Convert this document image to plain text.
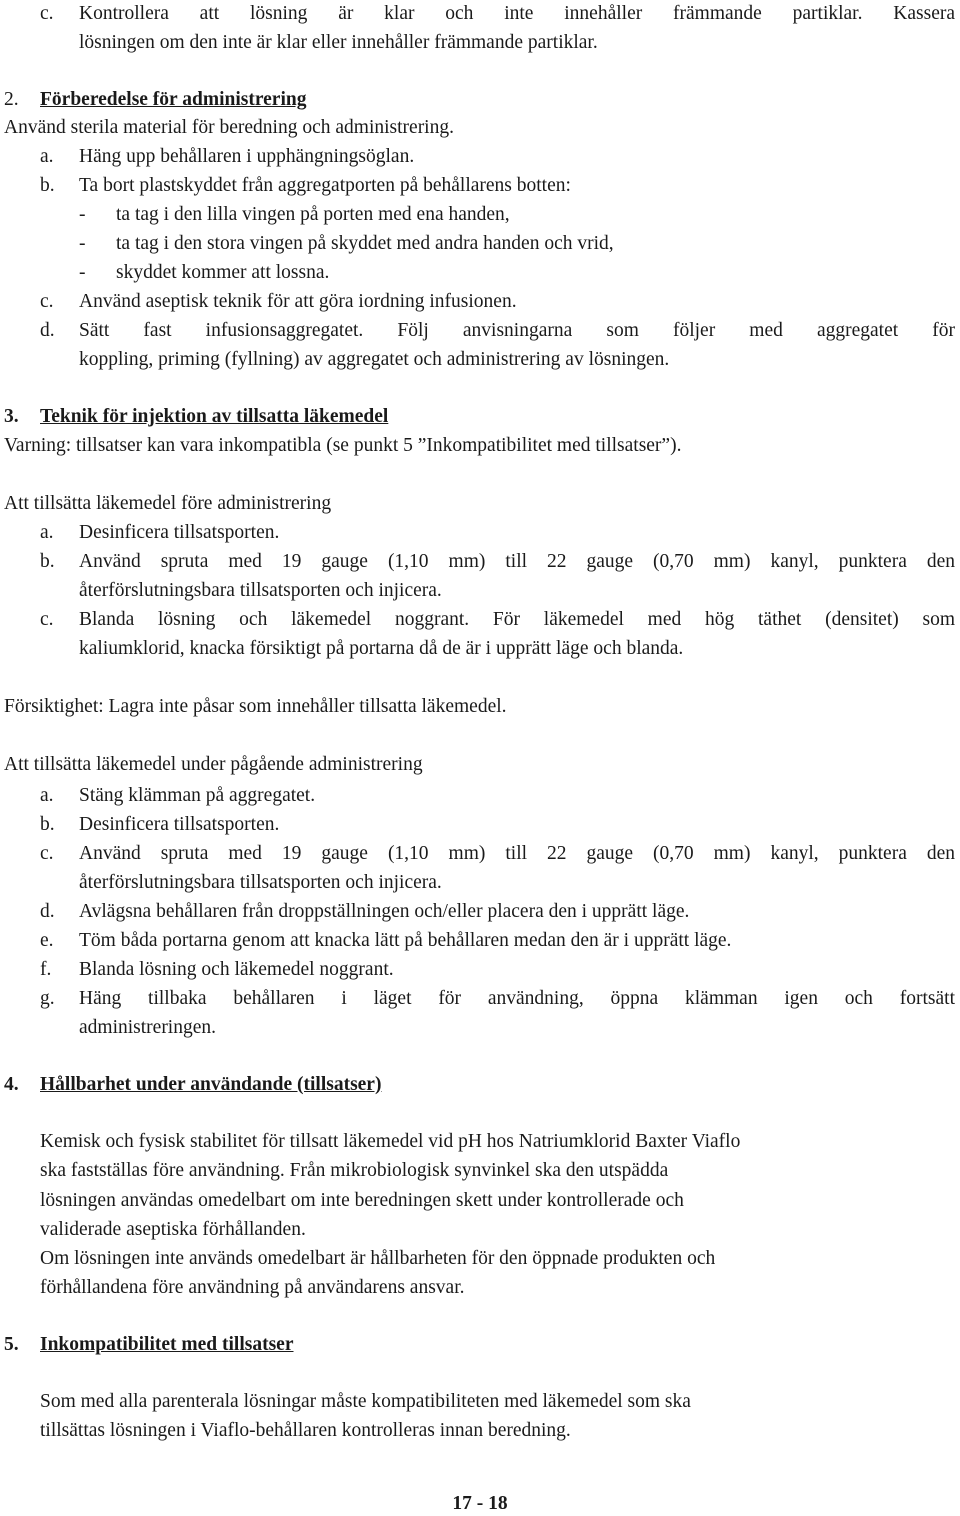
c. Kontrollera att lösning är klar och inte innehåller främmande partiklar. Kassera
lösningen om den inte är klar eller innehåller främmande partiklar.
2. Förberedelse för administrering
Använd sterila material för beredning och administrering.
a. Häng upp behållaren i upphängningsöglan.
b. Ta bort plastskyddet från aggregatporten på behållarens botten:
- ta tag i den lilla vingen på porten med ena handen,
- ta tag i den stora vingen på skyddet med andra handen och vrid,
- skyddet kommer att lossna.
c. Använd aseptisk teknik för att göra iordning infusionen.
d. Sätt fast infusionsaggregatet. Följ anvisningarna som följer med aggregatet för
koppling, priming (fyllning) av aggregatet och administrering av lösningen.
3. Teknik för injektion av tillsatta läkemedel
Varning: tillsatser kan vara inkompatibla (se punkt 5 ”Inkompatibilitet med tillsatser”).
Att tillsätta läkemedel före administrering
a. Desinficera tillsatsporten.
b. Använd spruta med 19 gauge (1,10 mm) till 22 gauge (0,70 mm) kanyl, punktera den
återförslutningsbara tillsatsporten och injicera.
c. Blanda lösning och läkemedel noggrant. För läkemedel med hög täthet (densitet) som
kaliumklorid, knacka försiktigt på portarna då de är i upprätt läge och blanda.
Försiktighet: Lagra inte påsar som innehåller tillsatta läkemedel.
Att tillsätta läkemedel under pågående administrering
a. Stäng klämman på aggregatet.
b. Desinficera tillsatsporten.
c. Använd spruta med 19 gauge (1,10 mm) till 22 gauge (0,70 mm) kanyl, punktera den
återförslutningsbara tillsatsporten och injicera.
d. Avlägsna behållaren från droppställningen och/eller placera den i upprätt läge.
e. Töm båda portarna genom att knacka lätt på behållaren medan den är i upprätt läge.
f. Blanda lösning och läkemedel noggrant.
g. Häng tillbaka behållaren i läget för användning, öppna klämman igen och fortsätt
administreringen.
4. Hållbarhet under användande (tillsatser)
Kemisk och fysisk stabilitet för tillsatt läkemedel vid pH hos Natriumklorid Baxter Viaflo
ska fastställas före användning. Från mikrobiologisk synvinkel ska den utspädda
lösningen användas omedelbart om inte beredningen skett under kontrollerade och
validerade aseptiska förhållanden.
Om lösningen inte används omedelbart är hållbarheten för den öppnade produkten och
förhållandena före användning på användarens ansvar.
5. Inkompatibilitet med tillsatser
Som med alla parenterala lösningar måste kompatibiliteten med läkemedel som ska
tillsättas lösningen i Viaflo-behållaren kontrolleras innan beredning.
17 - 18
